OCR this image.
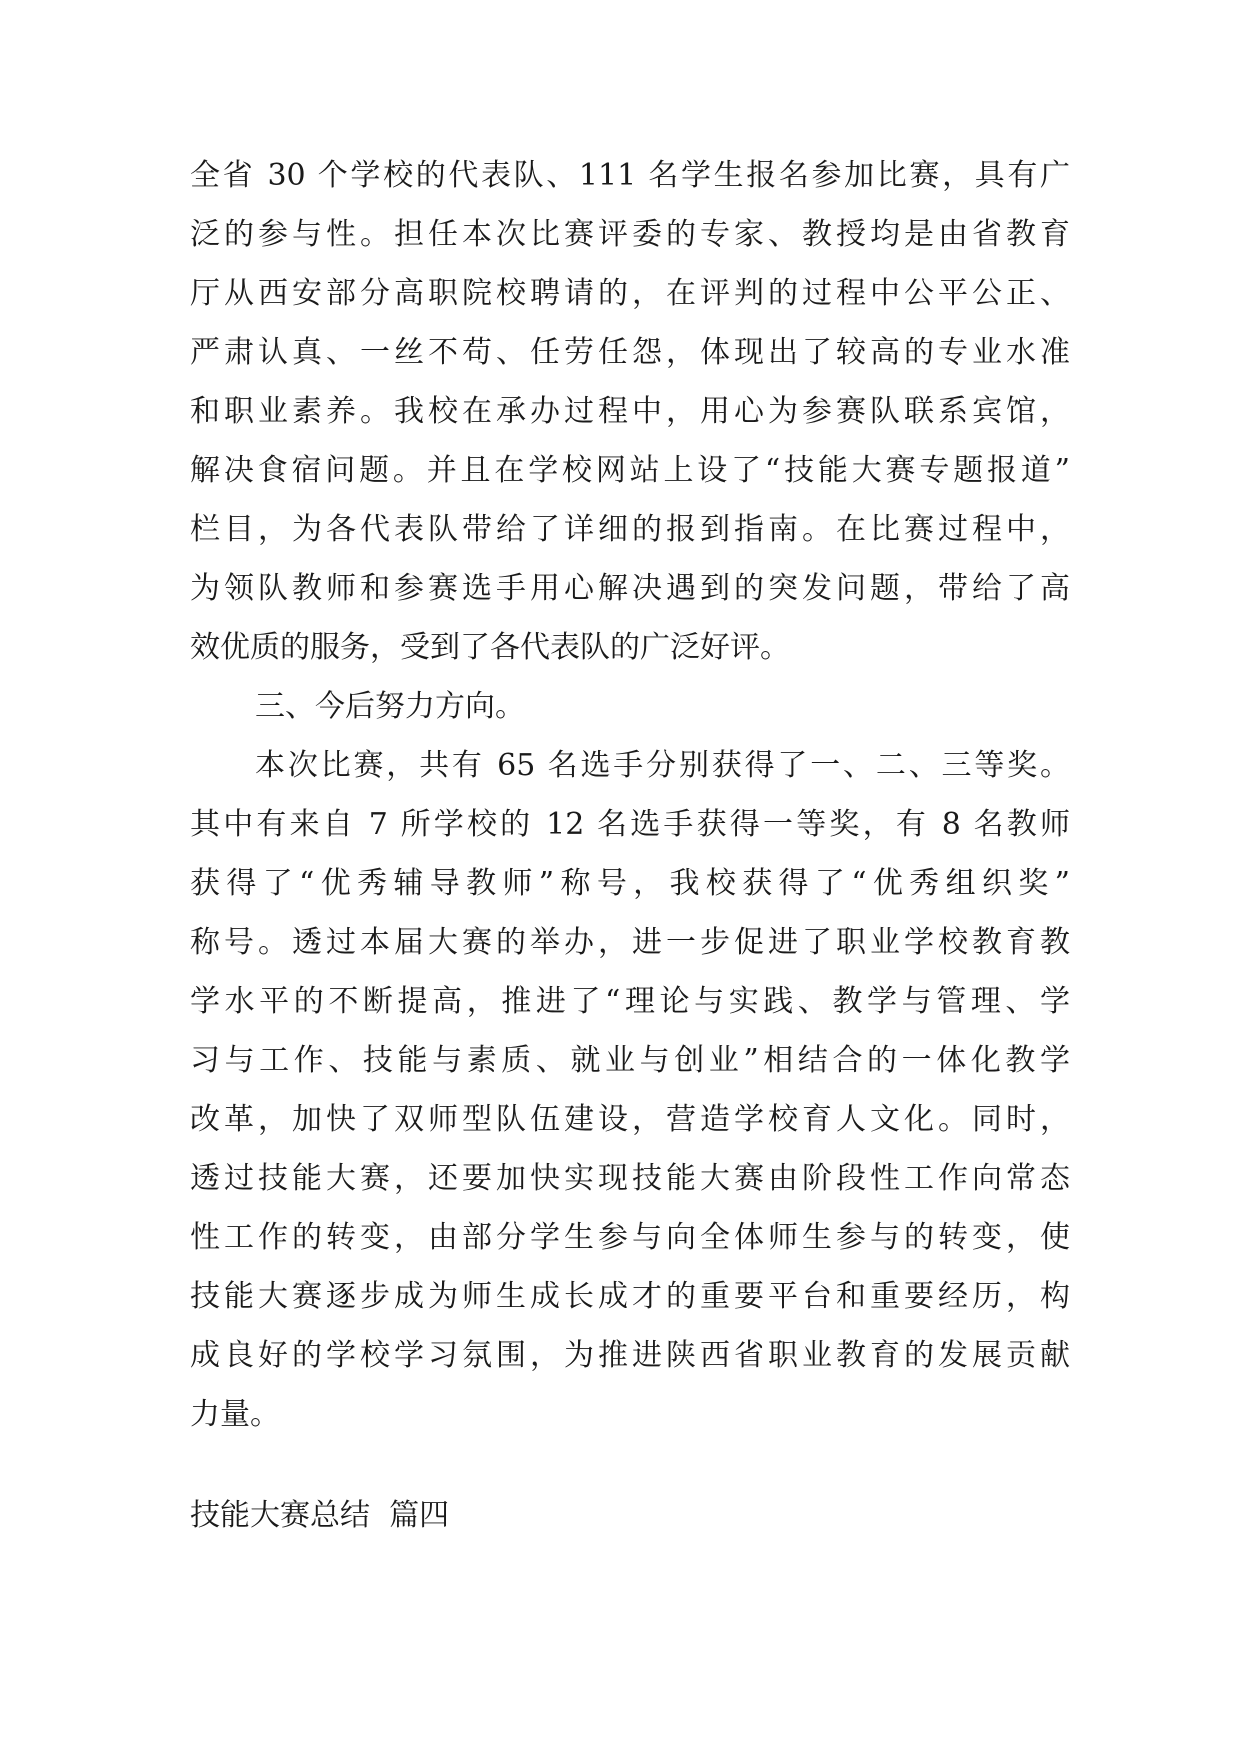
全省 30 个学校的代表队、111 名学生报名参加比赛，具有广
泛的参与性。担任本次比赛评委的专家、教授均是由省教育
厅从西安部分高职院校聘请的，在评判的过程中公平公正、
严肃认真、一丝不苟、任劳任怨，体现出了较高的专业水准
和职业素养。我校在承办过程中，用心为参赛队联系宾馆，
解决食宿问题。并且在学校网站上设了“技能大赛专题报道”
栏目，为各代表队带给了详细的报到指南。在比赛过程中，
为领队教师和参赛选手用心解决遇到的突发问题，带给了高
效优质的服务，受到了各代表队的广泛好评。
三、今后努力方向。
本次比赛，共有 65 名选手分别获得了一、二、三等奖。
其中有来自 7 所学校的 12 名选手获得一等奖，有 8 名教师
获得了“优秀辅导教师”称号，我校获得了“优秀组织奖”
称号。透过本届大赛的举办，进一步促进了职业学校教育教
学水平的不断提高，推进了“理论与实践、教学与管理、学
习与工作、技能与素质、就业与创业”相结合的一体化教学
改革，加快了双师型队伍建设，营造学校育人文化。同时，
透过技能大赛，还要加快实现技能大赛由阶段性工作向常态
性工作的转变，由部分学生参与向全体师生参与的转变，使
技能大赛逐步成为师生成长成才的重要平台和重要经历，构
成良好的学校学习氛围，为推进陕西省职业教育的发展贡献
力量。
技能大赛总结  篇四
